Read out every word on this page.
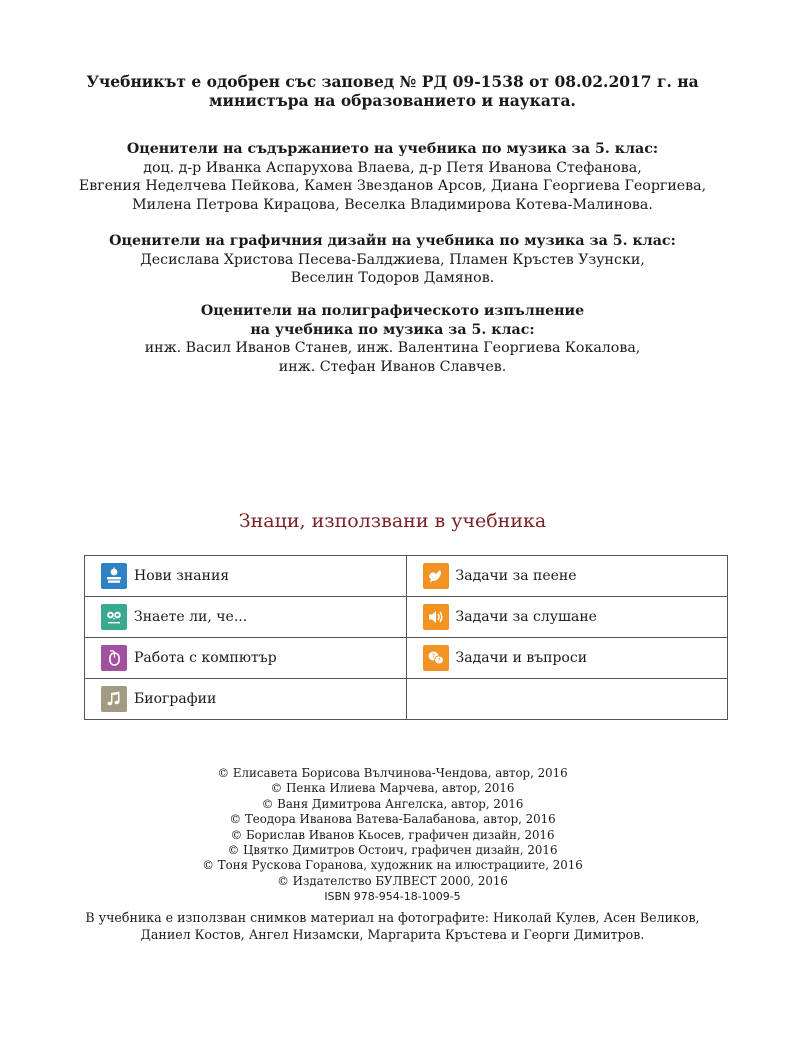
Учебникът е одобрен със заповед № РД 09-1538 от 08.02.2017 г. на
министъра на образованието и науката.
Оценители на съдържанието на учебника по музика за 5. клас:
доц. д-р Иванка Аспарухова Влаева, д-р Петя Иванова Стефанова,
Евгения Неделчева Пейкова, Камен Звезданов Арсов, Диана Георгиева Георгиева,
Милена Петрова Кирацова, Веселка Владимирова Котева-Малинова.
Оценители на графичния дизайн на учебника по музика за 5. клас:
Десислава Христова Песева-Балджиева, Пламен Кръстев Узунски,
Веселин Тодоров Дамянов.
Оценители на полиграфическото изпълнение
на учебника по музика за 5. клас:
инж. Васил Иванов Станев, инж. Валентина Георгиева Кокалова,
инж. Стефан Иванов Славчев.
Знаци, използвани в учебника
Нови знания	Задачи за пеене

Знаете ли, че...	Задачи за слушане

Работа с компютър	? ? Задачи и въпроси

Биографии	

© Елисавета Борисова Вълчинова-Чендова, автор, 2016
© Пенка Илиева Марчева, автор, 2016
© Ваня Димитрова Ангелска, автор, 2016
© Теодора Иванова Ватева-Балабанова, автор, 2016
© Борислав Иванов Кьосев, графичен дизайн, 2016
© Цвятко Димитров Остоич, графичен дизайн, 2016
© Тоня Рускова Горанова, художник на илюстрациите, 2016
© Издателство БУЛВЕСТ 2000, 2016
ISBN 978-954-18-1009-5
В учебника е използван снимков материал на фотографите: Николай Кулев, Асен Великов,
Даниел Костов, Ангел Низамски, Маргарита Кръстева и Георги Димитров.
